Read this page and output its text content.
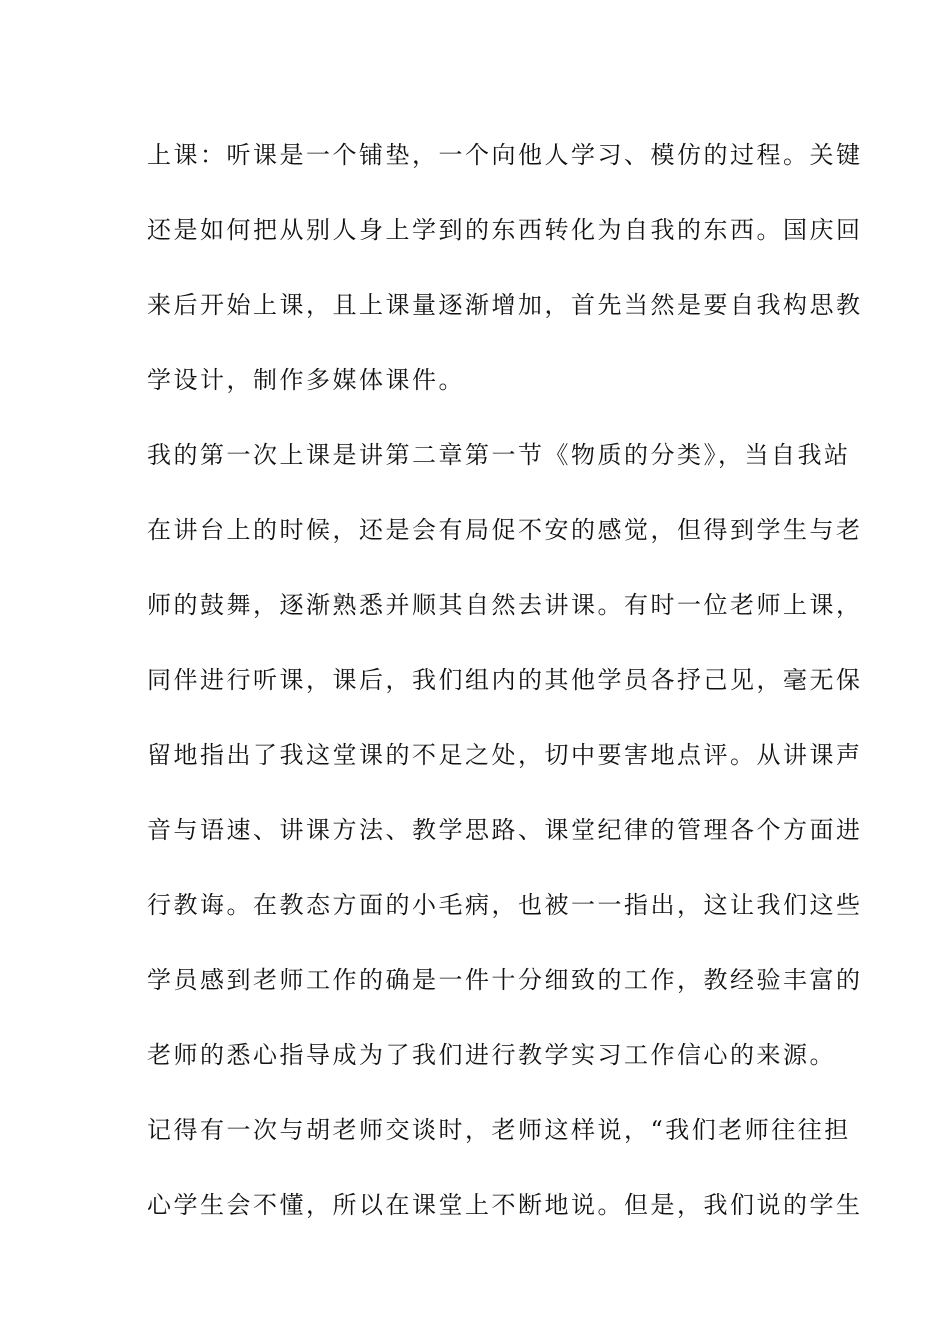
上课：听课是一个铺垫，一个向他人学习、模仿的过程。关键
还是如何把从别人身上学到的东西转化为自我的东西。国庆回
来后开始上课，且上课量逐渐增加，首先当然是要自我构思教
学设计，制作多媒体课件。
我的第一次上课是讲第二章第一节《物质的分类》，当自我站
在讲台上的时候，还是会有局促不安的感觉，但得到学生与老
师的鼓舞，逐渐熟悉并顺其自然去讲课。有时一位老师上课，
同伴进行听课，课后，我们组内的其他学员各抒己见，毫无保
留地指出了我这堂课的不足之处，切中要害地点评。从讲课声
音与语速、讲课方法、教学思路、课堂纪律的管理各个方面进
行教诲。在教态方面的小毛病，也被一一指出，这让我们这些
学员感到老师工作的确是一件十分细致的工作，教经验丰富的
老师的悉心指导成为了我们进行教学实习工作信心的来源。
记得有一次与胡老师交谈时，老师这样说，“我们老师往往担
心学生会不懂，所以在课堂上不断地说。但是，我们说的学生
